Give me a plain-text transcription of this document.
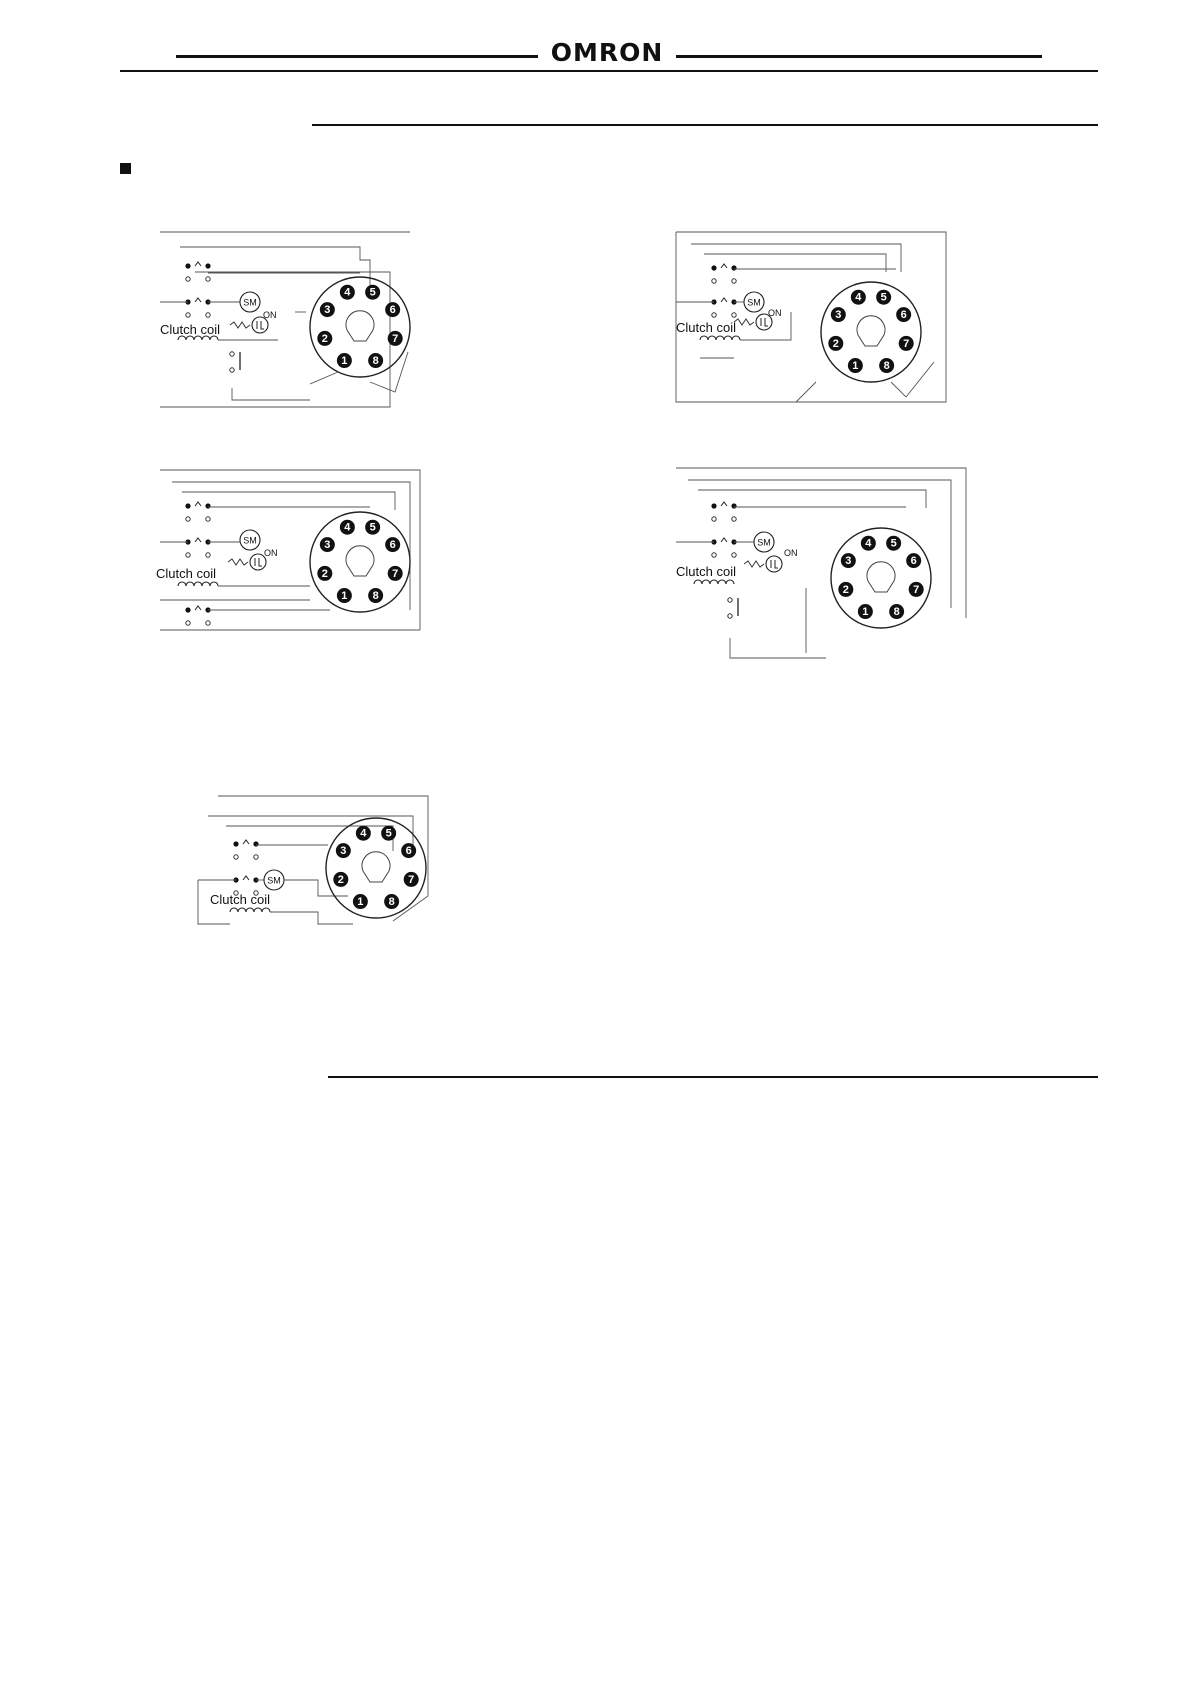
OMRON
SM
ON
Clutch coil
1
2
3
4 5
6
7
8
SM
ON
Clutch coil
1
2
3
4 5
6
7
8
SM
ON
Clutch coil
1
2
3
4 5
6
7
8
SM
ON
Clutch coil
1
2
3
4 5
6
7
8
SM
Clutch coil	1
2
3
4 5
6
7
8
